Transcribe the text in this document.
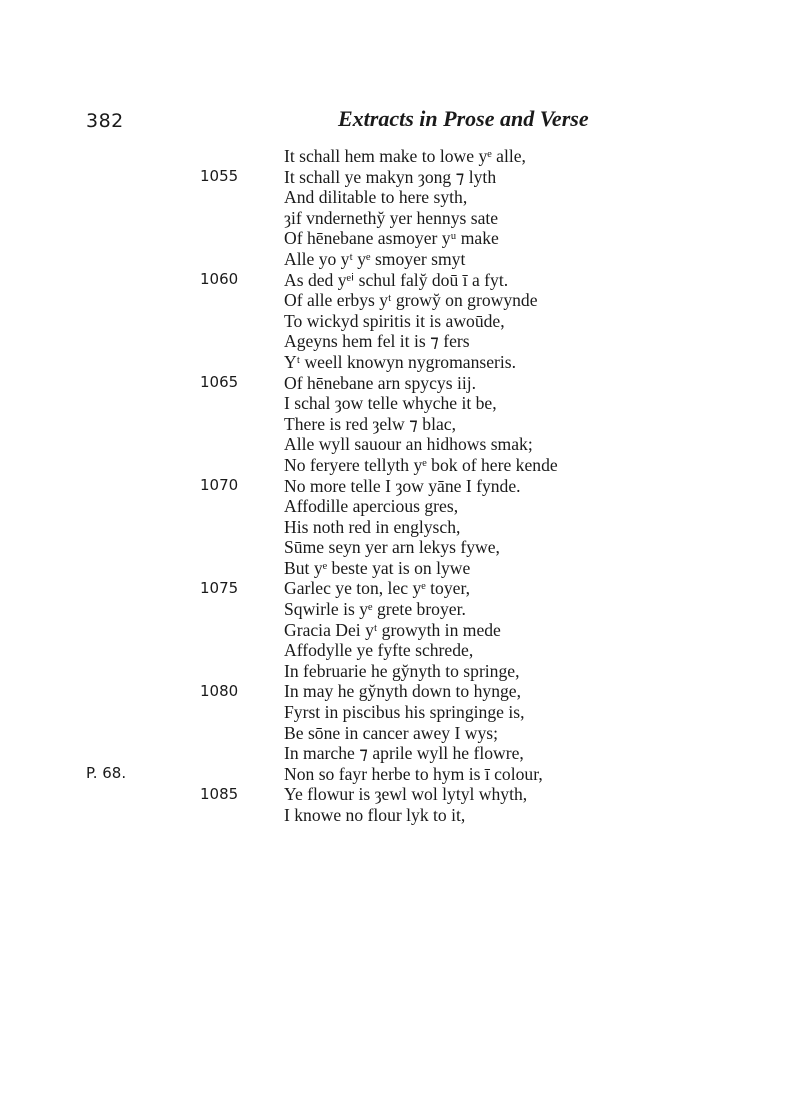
382	Extracts in Prose and Verse
It schall hem make to lowe yᵉ alle,
It schall ye makyn ȝong ⁊ lyth
And dilitable to here syth,
ȝif vndernethy̆ yer hennys sate
Of hēnebane asmoyer yᵘ make
Alle yo yᵗ yᵉ smoyer smyt
As ded yᵉⁱ schul faly̆ doū ī a fyt.
Of alle erbys yᵗ growy̆ on growynde
To wickyd spiritis it is awoūde,
Ageyns hem fel it is ⁊ fers
Yᵗ weell knowyn nygromanseris.
Of hēnebane arn spycys iij.
I schal ȝow telle whyche it be,
There is red ȝelw ⁊ blac,
Alle wyll sauour an hidhows smak;
No feryere tellyth yᵉ bok of here kende
No more telle I ȝow yāne I fynde.
Affodille apercious gres,
His noth red in englysch,
Sūme seyn yer arn lekys fywe,
But yᵉ beste yat is on lywe
Garlec ye ton, lec yᵉ toyer,
Sqwirle is yᵉ grete broyer.
Gracia Dei yᵗ growyth in mede
Affodylle ye fyfte schrede,
In februarie he gy̆nyth to springe,
In may he gy̆nyth down to hynge,
Fyrst in piscibus his springinge is,
Be sōne in cancer awey I wys;
In marche ⁊ aprile wyll he flowre,
Non so fayr herbe to hym is ī colour,
Ye flowur is ȝewl wol lytyl whyth,
I knowe no flour lyk to it,
1055
1060
1065
1070
1075
1080
1085
P. 68.
